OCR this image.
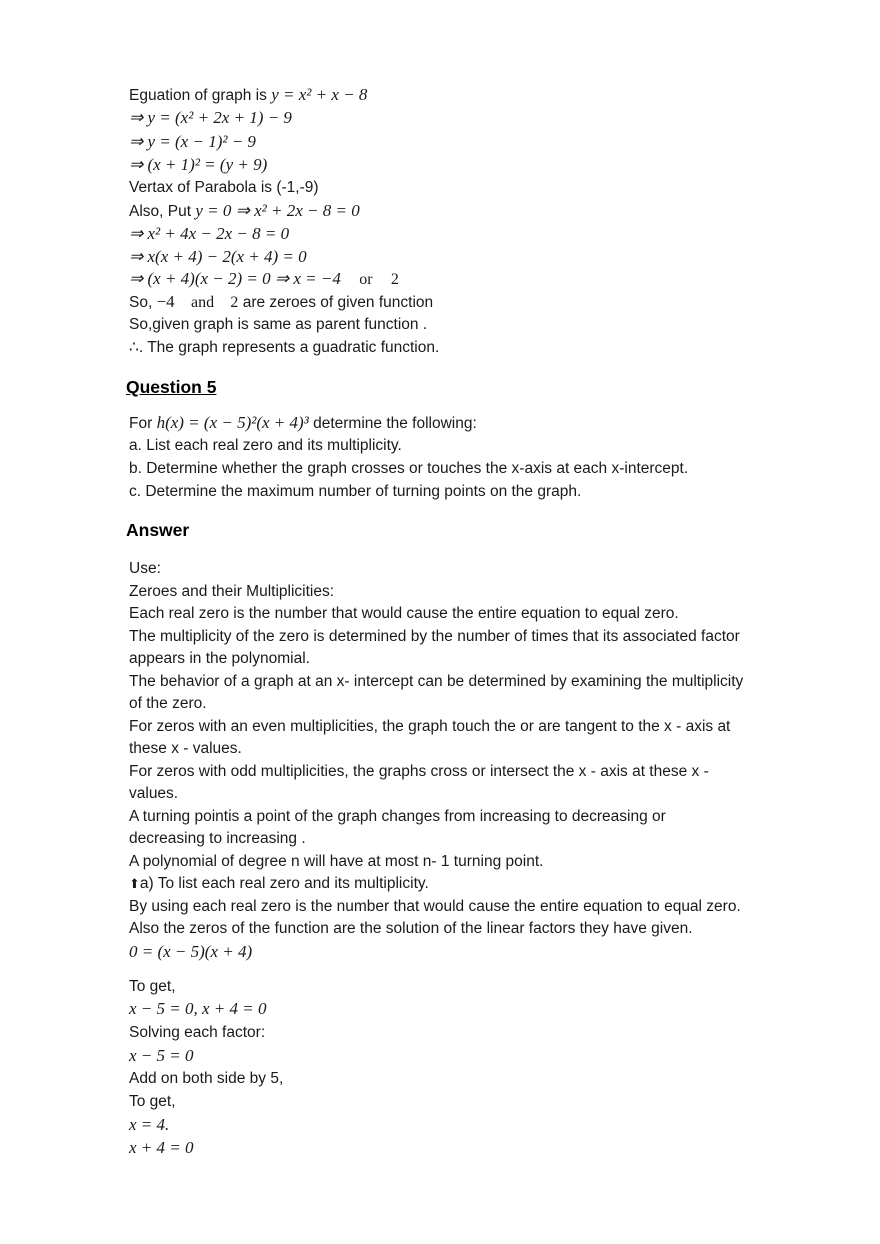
Eguation of graph is y = x² + x − 8
⇒ y = (x² + 2x + 1) − 9
⇒ y = (x − 1)² − 9
⇒ (x + 1)² = (y + 9)
Vertax of Parabola is (-1,-9)
Also, Put y = 0 ⇒ x² + 2x − 8 = 0
⇒ x² + 4x − 2x − 8 = 0
⇒ x(x + 4) − 2(x + 4) = 0
⇒ (x + 4)(x − 2) = 0 ⇒ x = −4 or 2
So, −4 and 2 are zeroes of given function
So,given graph is same as parent function .
∴. The graph represents a guadratic function.
Question 5
For h(x) = (x − 5)²(x + 4)³ determine the following:
a. List each real zero and its multiplicity.
b. Determine whether the graph crosses or touches the x-axis at each x-intercept.
c. Determine the maximum number of turning points on the graph.
Answer
Use:
Zeroes and their Multiplicities:
Each real zero is the number that would cause the entire equation to equal zero.
The multiplicity of the zero is determined by the number of times that its associated factor
appears in the polynomial.
The behavior of a graph at an x- intercept can be determined by examining the multiplicity
of the zero.
For zeros with an even multiplicities, the graph touch the or are tangent to the x - axis at
these x - values.
For zeros with odd multiplicities, the graphs cross or intersect the x - axis at these x -
values.
A turning pointis a point of the graph changes from increasing to decreasing or
decreasing to increasing .
A polynomial of degree n will have at most n- 1 turning point.
⬆a) To list each real zero and its multiplicity.
By using each real zero is the number that would cause the entire equation to equal zero.
Also the zeros of the function are the solution of the linear factors they have given.
0 = (x − 5)(x + 4)
To get,
x − 5 = 0, x + 4 = 0
Solving each factor:
x − 5 = 0
Add on both side by 5,
To get,
x = 4.
x + 4 = 0
